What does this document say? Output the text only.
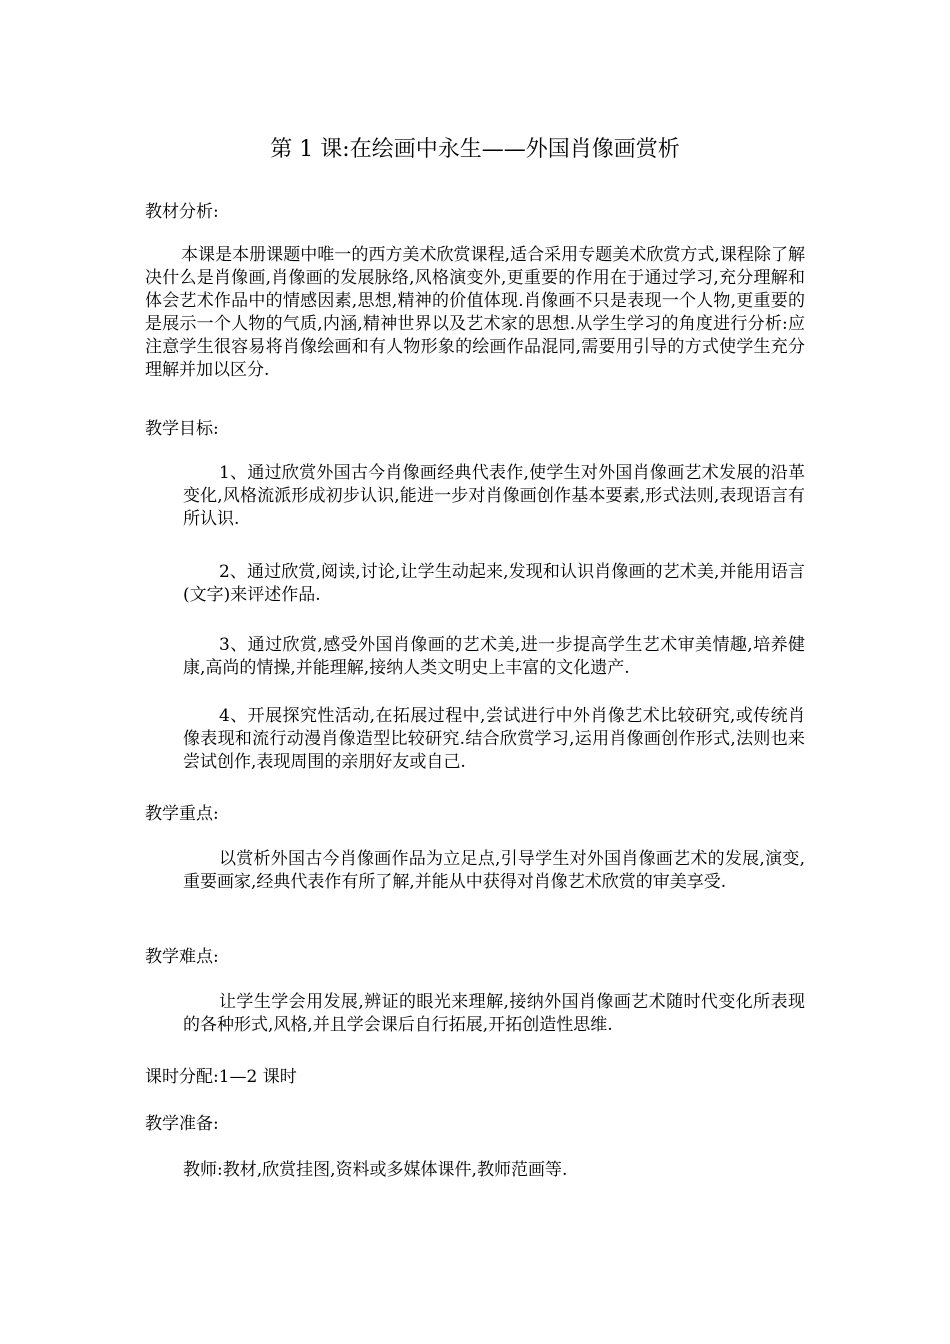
第 1 课:在绘画中永生——外国肖像画赏析

教材分析:

本课是本册课题中唯一的西方美术欣赏课程,适合采用专题美术欣赏方式,课程除了解决什么是肖像画,肖像画的发展脉络,风格演变外,更重要的作用在于通过学习,充分理解和体会艺术作品中的情感因素,思想,精神的价值体现.肖像画不只是表现一个人物,更重要的是展示一个人物的气质,内涵,精神世界以及艺术家的思想.从学生学习的角度进行分析:应注意学生很容易将肖像绘画和有人物形象的绘画作品混同,需要用引导的方式使学生充分理解并加以区分.

教学目标:

1、通过欣赏外国古今肖像画经典代表作,使学生对外国肖像画艺术发展的沿革变化,风格流派形成初步认识,能进一步对肖像画创作基本要素,形式法则,表现语言有所认识.

2、通过欣赏,阅读,讨论,让学生动起来,发现和认识肖像画的艺术美,并能用语言(文字)来评述作品.

3、通过欣赏,感受外国肖像画的艺术美,进一步提高学生艺术审美情趣,培养健康,高尚的情操,并能理解,接纳人类文明史上丰富的文化遗产.

4、开展探究性活动,在拓展过程中,尝试进行中外肖像艺术比较研究,或传统肖像表现和流行动漫肖像造型比较研究.结合欣赏学习,运用肖像画创作形式,法则也来尝试创作,表现周围的亲朋好友或自己.

教学重点:

以赏析外国古今肖像画作品为立足点,引导学生对外国肖像画艺术的发展,演变,重要画家,经典代表作有所了解,并能从中获得对肖像艺术欣赏的审美享受.

教学难点:

让学生学会用发展,辨证的眼光来理解,接纳外国肖像画艺术随时代变化所表现的各种形式,风格,并且学会课后自行拓展,开拓创造性思维.

课时分配:1—2 课时

教学准备:

教师:教材,欣赏挂图,资料或多媒体课件,教师范画等.
